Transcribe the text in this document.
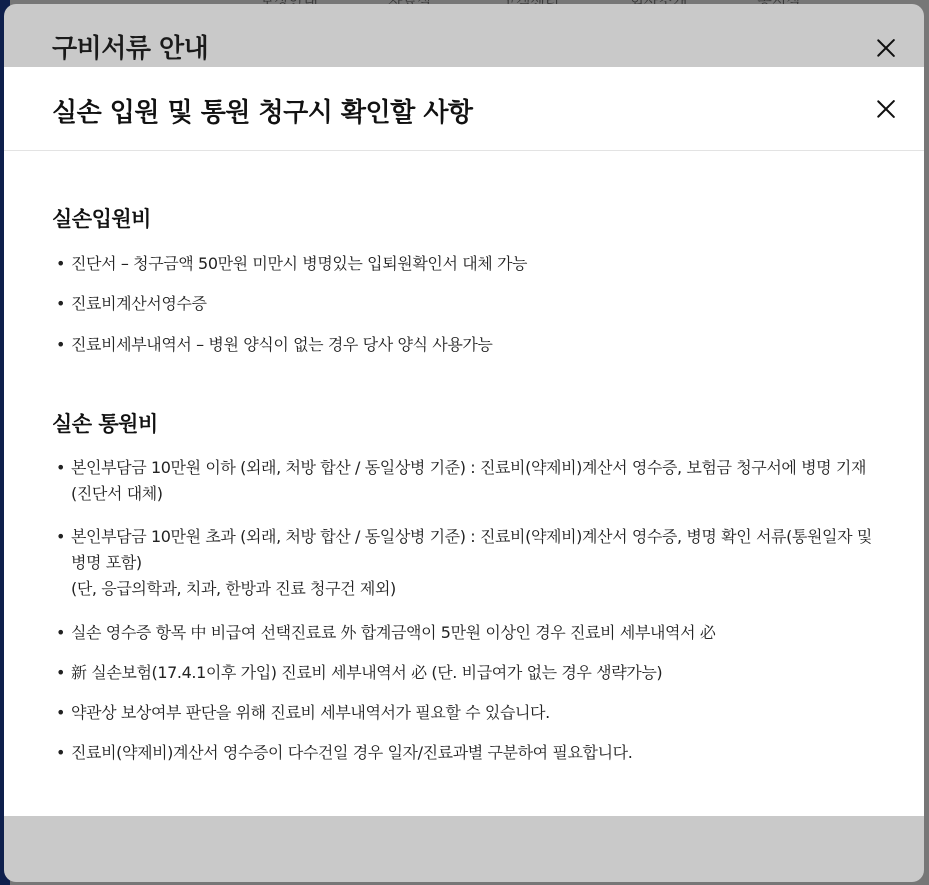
구비서류 안내
실손 입원 및 통원 청구시 확인할 사항
실손입원비
• 진단서 – 청구금액 50만원 미만시 병명있는 입퇴원확인서 대체 가능
• 진료비계산서영수증
• 진료비세부내역서 – 병원 양식이 없는 경우 당사 양식 사용가능
실손 통원비
• 본인부담금 10만원 이하 (외래, 처방 합산 / 동일상병 기준) : 진료비(약제비)계산서 영수증, 보험금 청구서에 병명 기재 (진단서 대체)
• 본인부담금 10만원 초과 (외래, 처방 합산 / 동일상병 기준) : 진료비(약제비)계산서 영수증, 병명 확인 서류(통원일자 및 병명 포함)
(단, 응급의학과, 치과, 한방과 진료 청구건 제외)
• 실손 영수증 항목 中 비급여 선택진료료 外 합계금액이 5만원 이상인 경우 진료비 세부내역서 必
• 新 실손보험(17.4.1이후 가입) 진료비 세부내역서 必 (단. 비급여가 없는 경우 생략가능)
• 약관상 보상여부 판단을 위해 진료비 세부내역서가 필요할 수 있습니다.
• 진료비(약제비)계산서 영수증이 다수건일 경우 일자/진료과별 구분하여 필요합니다.
